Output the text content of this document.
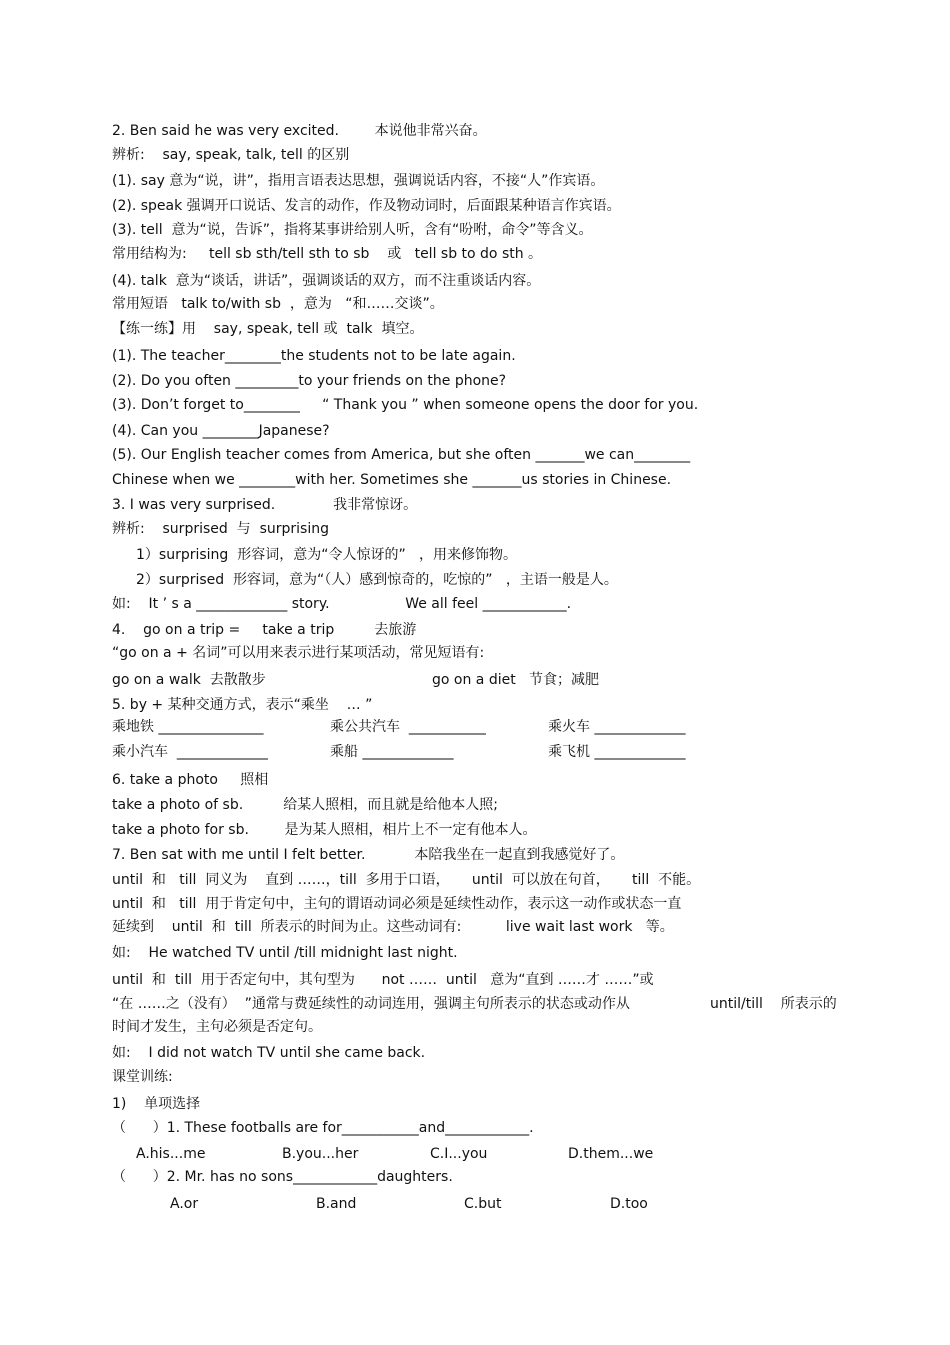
2. Ben said he was very excited.        本说他非常兴奋。
辨析:    say, speak, talk, tell 的区别
(1). say 意为“说，讲”，指用言语表达思想，强调说话内容，不接“人”作宾语。
(2). speak 强调开口说话、发言的动作，作及物动词时，后面跟某种语言作宾语。
(3). tell  意为“说，告诉”，指将某事讲给别人听，含有“吩咐，命令”等含义。
常用结构为:     tell sb sth/tell sth to sb    或   tell sb to do sth 。
(4). talk  意为“谈话，讲话”，强调谈话的双方，而不注重谈话内容。
常用短语   talk to/with sb  ，意为   “和……交谈”。
【练一练】用    say, speak, tell 或  talk  填空。
(1). The teacher________the students not to be late again.
(2). Do you often _________to your friends on the phone?
(3). Don’t forget to________     “ Thank you ” when someone opens the door for you.
(4). Can you ________Japanese?
(5). Our English teacher comes from America, but she often _______we can________
Chinese when we ________with her. Sometimes she _______us stories in Chinese.
3. I was very surprised.             我非常惊讶。
辨析:    surprised  与  surprising
1）surprising  形容词，意为“令人惊讶的”   ，用来修饰物。
2）surprised  形容词，意为“（人）感到惊奇的，吃惊的”   ，主语一般是人。
如:    It ’ s a _____________ story.                 We all feel ____________.
4.    go on a trip =     take a trip         去旅游
“go on a + 名词”可以用来表示进行某项活动，常见短语有:
go on a walk  去散散步	go on a diet   节食；减肥
5. by + 某种交通方式，表示“乘坐    … ”
乘地铁 _______________	乘公共汽车  ___________	乘火车 _____________
乘小汽车  _____________	乘船 _____________	乘飞机 _____________
6. take a photo     照相
take a photo of sb.         给某人照相，而且就是给他本人照;
take a photo for sb.        是为某人照相，相片上不一定有他本人。
7. Ben sat with me until I felt better.           本陪我坐在一起直到我感觉好了。
until  和   till  同义为    直到 ……，till  多用于口语，     until  可以放在句首，     till  不能。
until  和   till  用于肯定句中，主句的谓语动词必须是延续性动作，表示这一动作或状态一直
延续到    until  和  till  所表示的时间为止。这些动词有:          live wait last work   等。
如:    He watched TV until /till midnight last night.
until  和  till  用于否定句中，其句型为      not ……  until   意为“直到 ……才 ……”或
“在 ……之（没有）  ”通常与费延续性的动词连用，强调主句所表示的状态或动作从	until/till    所表示的
时间才发生，主句必须是否定句。
如:    I did not watch TV until she came back.
课堂训练:
1)    单项选择
（      ）1. These footballs are for___________and____________.
A.his...me	B.you...her	C.I...you	D.them...we
（      ）2. Mr. has no sons____________daughters.
A.or	B.and	C.but	D.too
